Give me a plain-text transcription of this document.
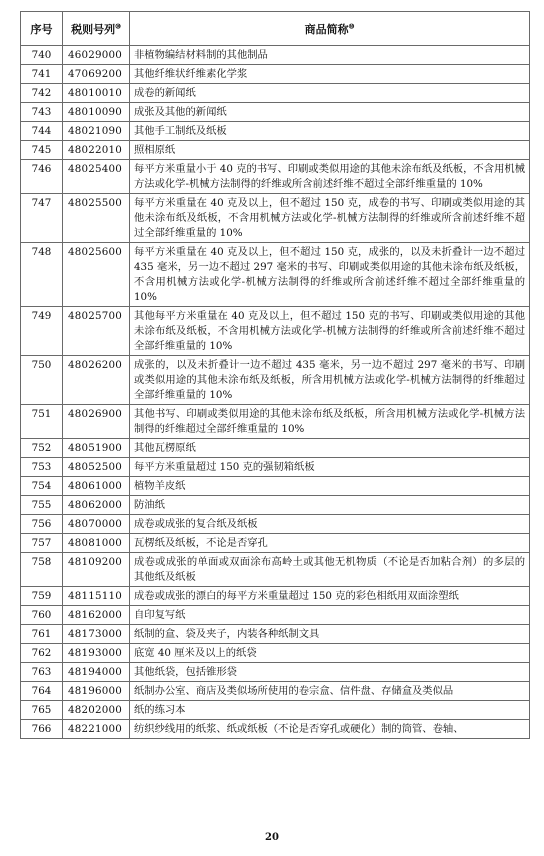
序号	税则号列⑩	商品简称⑩
740	46029000	非植物编结材料制的其他制品
741	47069200	其他纤维状纤维素化学浆
742	48010010	成卷的新闻纸
743	48010090	成张及其他的新闻纸
744	48021090	其他手工制纸及纸板
745	48022010	照相原纸
746	48025400	每平方米重量小于 40 克的书写、印刷或类似用途的其他未涂布纸及纸板，不含用机械方法或化学-机械方法制得的纤维或所含前述纤维不超过全部纤维重量的 10%
747	48025500	每平方米重量在 40 克及以上，但不超过 150 克，成卷的书写、印刷或类似用途的其他未涂布纸及纸板，不含用机械方法或化学-机械方法制得的纤维或所含前述纤维不超过全部纤维重量的 10%
748	48025600	每平方米重量在 40 克及以上，但不超过 150 克，成张的，以及未折叠计一边不超过 435 毫米，另一边不超过 297 毫米的书写、印刷或类似用途的其他未涂布纸及纸板，不含用机械方法或化学-机械方法制得的纤维或所含前述纤维不超过全部纤维重量的 10%
749	48025700	其他每平方米重量在 40 克及以上，但不超过 150 克的书写、印刷或类似用途的其他未涂布纸及纸板，不含用机械方法或化学-机械方法制得的纤维或所含前述纤维不超过全部纤维重量的 10%
750	48026200	成张的，以及未折叠计一边不超过 435 毫米，另一边不超过 297 毫米的书写、印刷或类似用途的其他未涂布纸及纸板，所含用机械方法或化学-机械方法制得的纤维超过全部纤维重量的 10%
751	48026900	其他书写、印刷或类似用途的其他未涂布纸及纸板，所含用机械方法或化学-机械方法制得的纤维超过全部纤维重量的 10%
752	48051900	其他瓦楞原纸
753	48052500	每平方米重量超过 150 克的强韧箱纸板
754	48061000	植物羊皮纸
755	48062000	防油纸
756	48070000	成卷或成张的复合纸及纸板
757	48081000	瓦楞纸及纸板，不论是否穿孔
758	48109200	成卷或成张的单面或双面涂布高岭土或其他无机物质（不论是否加粘合剂）的多层的其他纸及纸板
759	48115110	成卷或成张的漂白的每平方米重量超过 150 克的彩色相纸用双面涂塑纸
760	48162000	自印复写纸
761	48173000	纸制的盒、袋及夹子，内装各种纸制文具
762	48193000	底宽 40 厘米及以上的纸袋
763	48194000	其他纸袋，包括锥形袋
764	48196000	纸制办公室、商店及类似场所使用的卷宗盒、信件盘、存储盒及类似品
765	48202000	纸的练习本
766	48221000	纺织纱线用的纸浆、纸或纸板（不论是否穿孔或硬化）制的筒管、卷轴、
20
